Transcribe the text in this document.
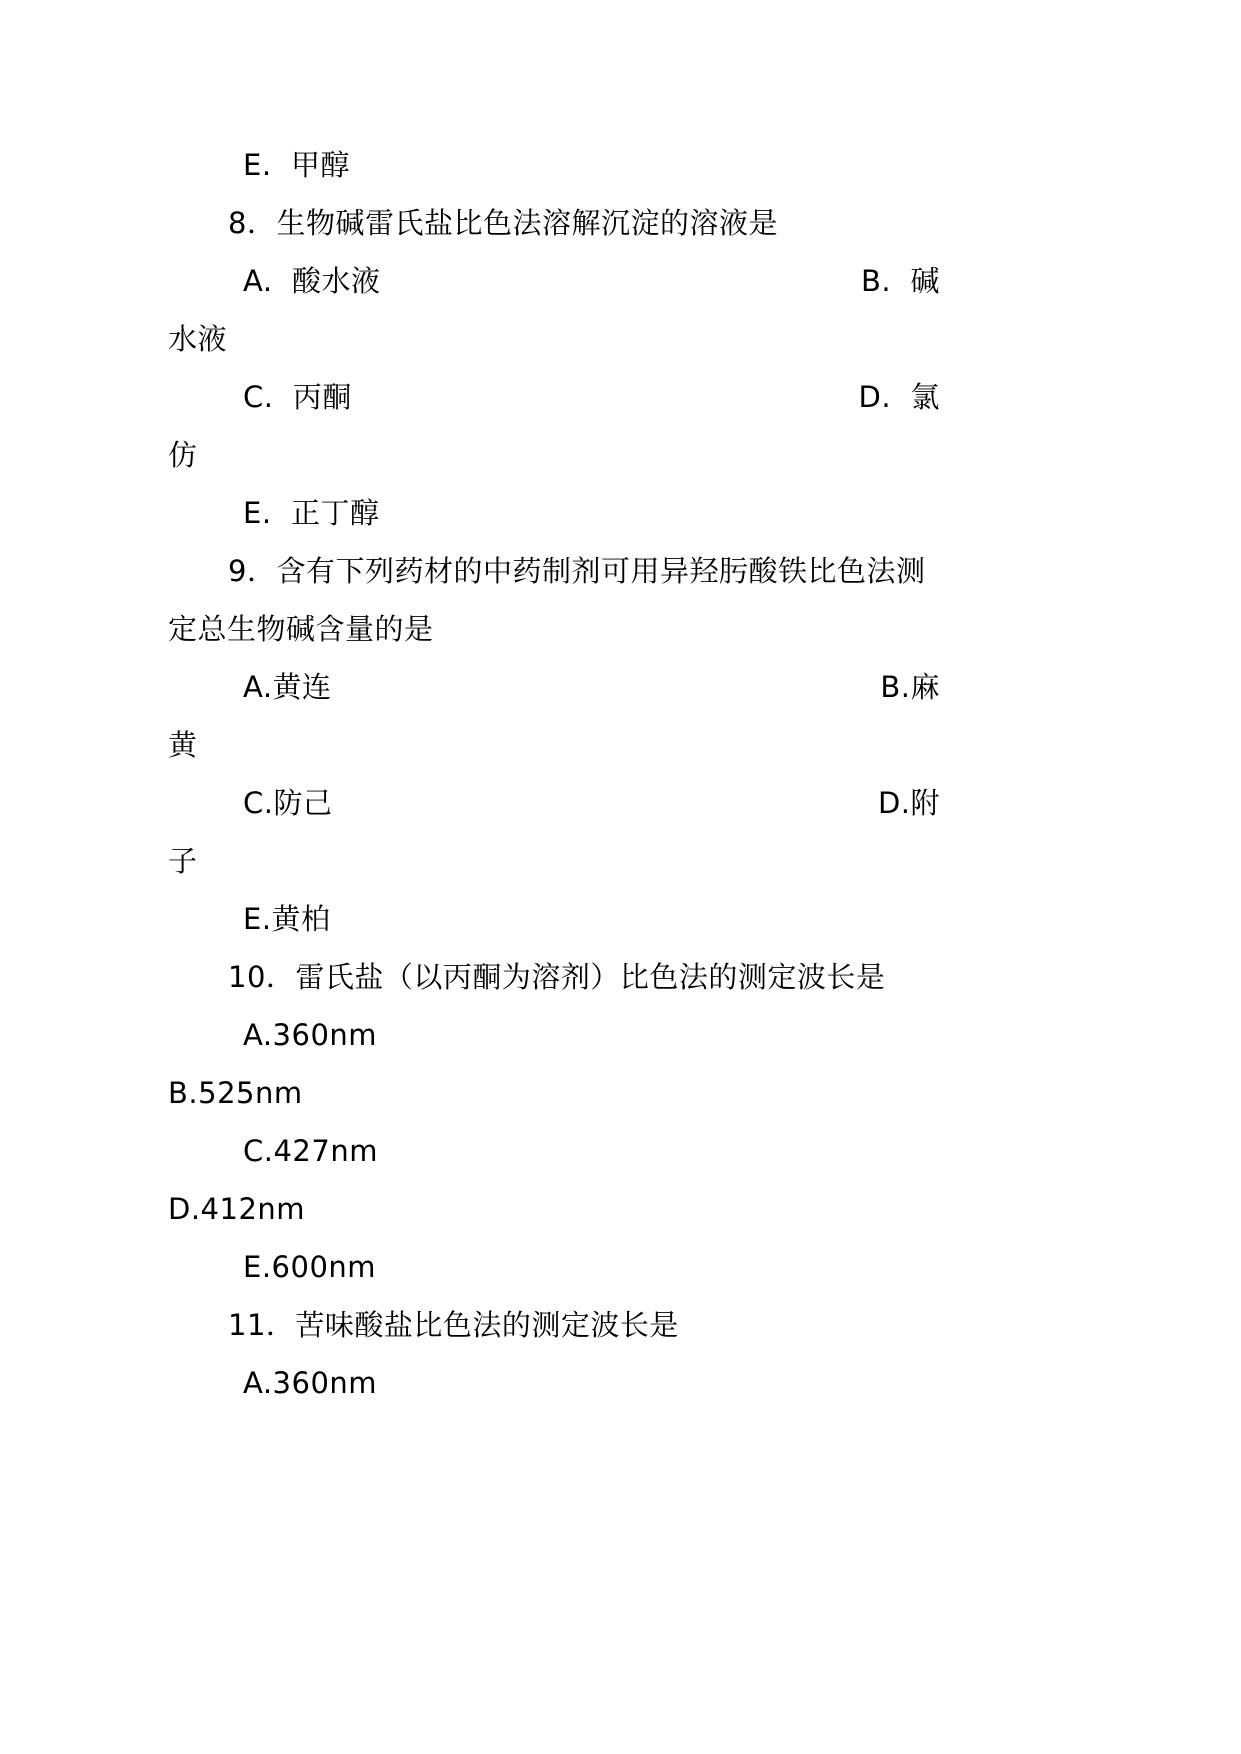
E.  甲醇
8．生物碱雷氏盐比色法溶解沉淀的溶液是
A.  酸水液	B.  碱
水液
C.  丙酮	D.  氯
仿
E.  正丁醇
9．含有下列药材的中药制剂可用异羟肟酸铁比色法测
定总生物碱含量的是
A.黄连	B.麻
黄
C.防己	D.附
子
E.黄柏
10．雷氏盐（以丙酮为溶剂）比色法的测定波长是
A.360nm
B.525nm
C.427nm
D.412nm
E.600nm
11．苦味酸盐比色法的测定波长是
A.360nm
